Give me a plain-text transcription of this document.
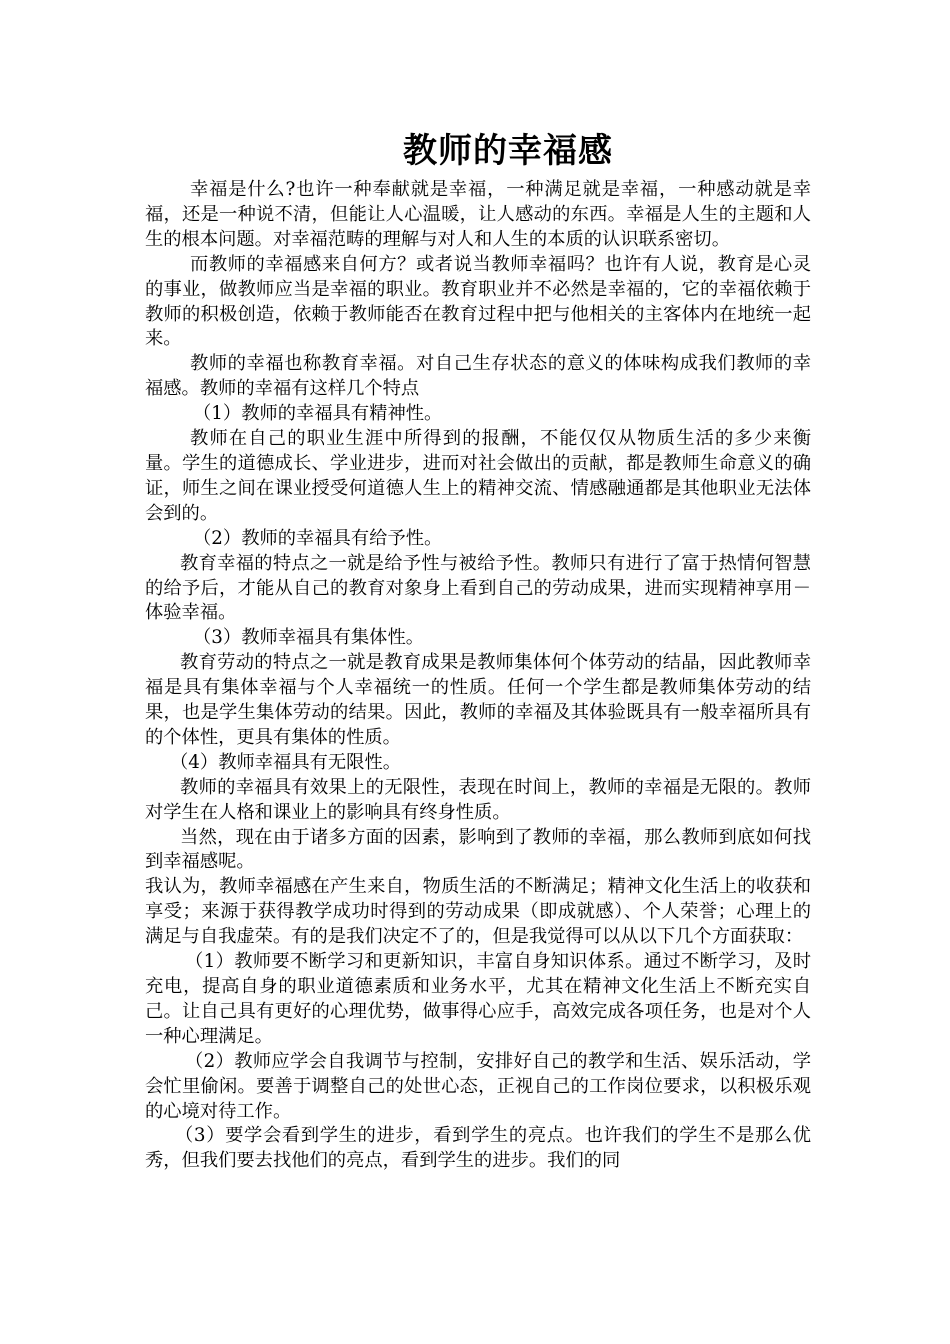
教师的幸福感

幸福是什么?也许一种奉献就是幸福，一种满足就是幸福，一种感动就是幸福，还是一种说不清，但能让人心温暖，让人感动的东西。幸福是人生的主题和人生的根本问题。对幸福范畴的理解与对人和人生的本质的认识联系密切。

而教师的幸福感来自何方？或者说当教师幸福吗？也许有人说，教育是心灵的事业，做教师应当是幸福的职业。教育职业并不必然是幸福的，它的幸福依赖于教师的积极创造，依赖于教师能否在教育过程中把与他相关的主客体内在地统一起来。

教师的幸福也称教育幸福。对自己生存状态的意义的体味构成我们教师的幸福感。教师的幸福有这样几个特点

（1）教师的幸福具有精神性。

教师在自己的职业生涯中所得到的报酬，不能仅仅从物质生活的多少来衡量。学生的道德成长、学业进步，进而对社会做出的贡献，都是教师生命意义的确证，师生之间在课业授受何道德人生上的精神交流、情感融通都是其他职业无法体会到的。

（2）教师的幸福具有给予性。

教育幸福的特点之一就是给予性与被给予性。教师只有进行了富于热情何智慧的给予后，才能从自己的教育对象身上看到自己的劳动成果，进而实现精神享用－体验幸福。

（3）教师幸福具有集体性。

教育劳动的特点之一就是教育成果是教师集体何个体劳动的结晶，因此教师幸福是具有集体幸福与个人幸福统一的性质。任何一个学生都是教师集体劳动的结果，也是学生集体劳动的结果。因此，教师的幸福及其体验既具有一般幸福所具有的个体性，更具有集体的性质。

（4）教师幸福具有无限性。

教师的幸福具有效果上的无限性，表现在时间上，教师的幸福是无限的。教师对学生在人格和课业上的影响具有终身性质。

当然，现在由于诸多方面的因素，影响到了教师的幸福，那么教师到底如何找到幸福感呢。

我认为，教师幸福感在产生来自，物质生活的不断满足；精神文化生活上的收获和享受；来源于获得教学成功时得到的劳动成果（即成就感）、个人荣誉；心理上的满足与自我虚荣。有的是我们决定不了的，但是我觉得可以从以下几个方面获取：

（1）教师要不断学习和更新知识，丰富自身知识体系。通过不断学习，及时充电，提高自身的职业道德素质和业务水平，尤其在精神文化生活上不断充实自己。让自己具有更好的心理优势，做事得心应手，高效完成各项任务，也是对个人一种心理满足。

（2）教师应学会自我调节与控制，安排好自己的教学和生活、娱乐活动，学会忙里偷闲。要善于调整自己的处世心态，正视自己的工作岗位要求，以积极乐观的心境对待工作。

（3）要学会看到学生的进步，看到学生的亮点。也许我们的学生不是那么优秀，但我们要去找他们的亮点，看到学生的进步。我们的同
